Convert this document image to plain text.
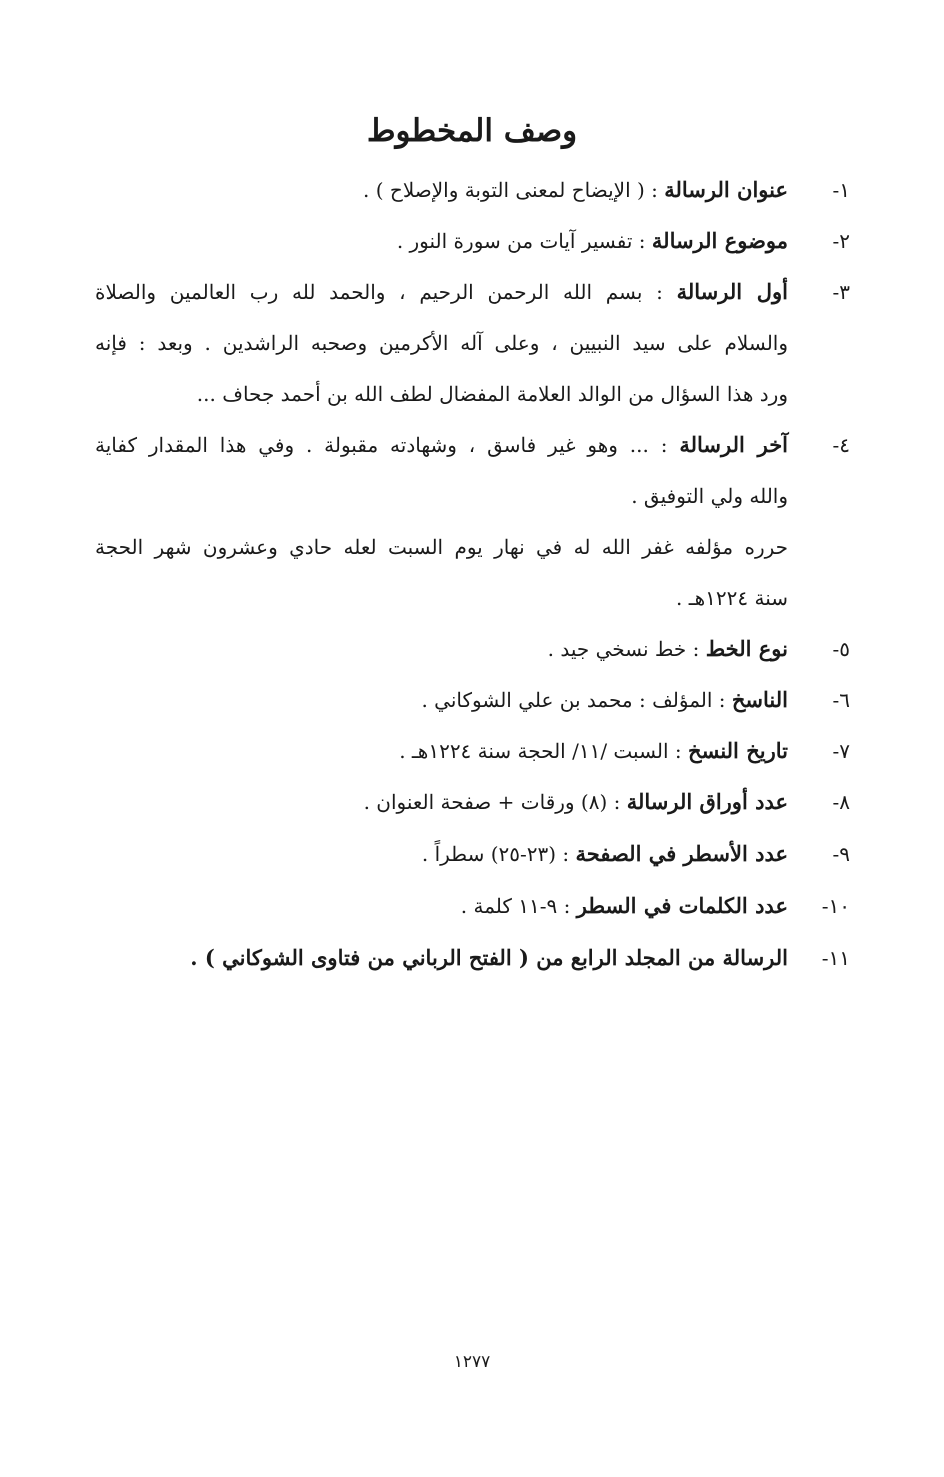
وصف المخطوط
١-
عنوان الرسالة : ( الإيضاح لمعنى التوبة والإصلاح ) .
٢-
موضوع الرسالة : تفسير آيات من سورة النور .
٣-
أول الرسالة : بسم الله الرحمن الرحيم ، والحمد لله رب العالمين والصلاة
والسلام على سيد النبيين ، وعلى آله الأكرمين وصحبه الراشدين . وبعد : فإنه
ورد هذا السؤال من الوالد العلامة المفضال لطف الله بن أحمد جحاف ...
٤-
آخر الرسالة : ... وهو غير فاسق ، وشهادته مقبولة . وفي هذا المقدار كفاية
والله ولي التوفيق .
حرره مؤلفه غفر الله له في نهار يوم السبت لعله حادي وعشرون شهر الحجة
سنة ١٢٢٤هـ .
٥-
نوع الخط : خط نسخي جيد .
٦-
الناسخ : المؤلف : محمد بن علي الشوكاني .
٧-
تاريخ النسخ : السبت /١١/ الحجة سنة ١٢٢٤هـ .
٨-
عدد أوراق الرسالة : (٨) ورقات + صفحة العنوان .
٩-
عدد الأسطر في الصفحة : (٢٣-٢٥) سطراً .
١٠-
عدد الكلمات في السطر : ٩-١١ كلمة .
١١-
الرسالة من المجلد الرابع من ( الفتح الرباني من فتاوى الشوكاني ) .
١٢٧٧
